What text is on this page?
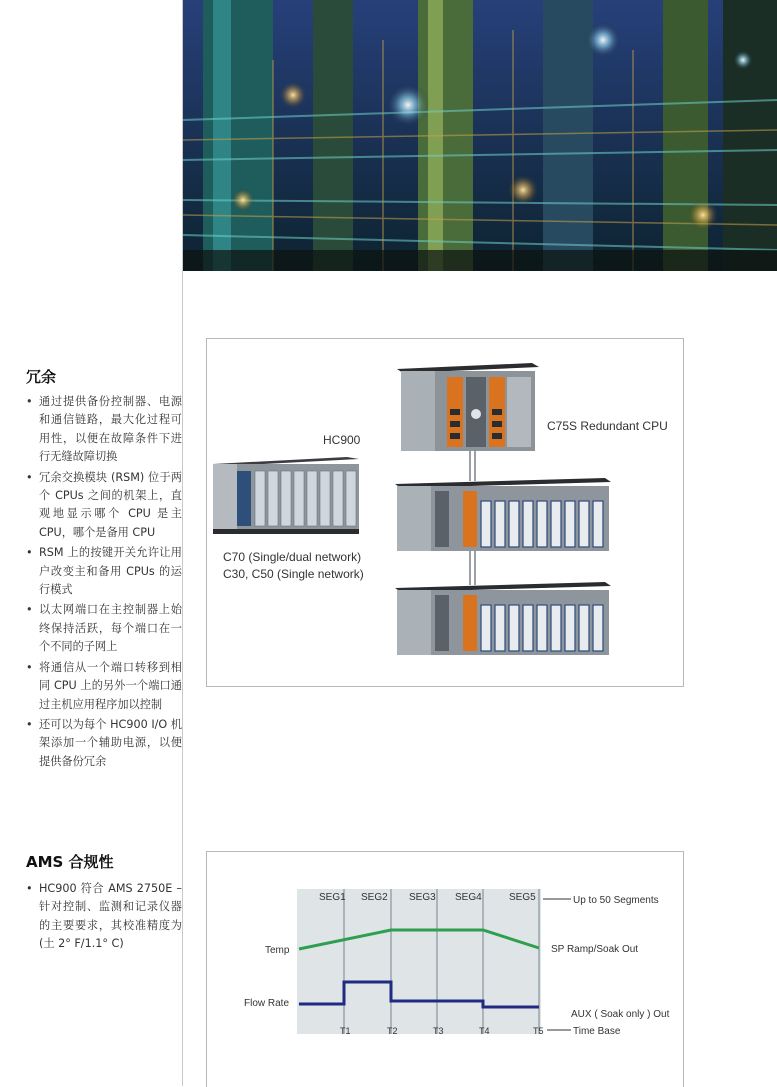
冗余
• 通过提供备份控制器、电源和通信链路，最大化过程可用性，以便在故障条件下进行无缝故障切换
• 冗余交换模块 (RSM) 位于两个 CPUs 之间的机架上，直观地显示哪个 CPU 是主 CPU，哪个是备用 CPU
• RSM 上的按键开关允许让用户改变主和备用 CPUs 的运行模式
• 以太网端口在主控制器上始终保持活跃，每个端口在一个不同的子网上
• 将通信从一个端口转移到相同 CPU 上的另外一个端口通过主机应用程序加以控制
• 还可以为每个 HC900 I/O 机架添加一个辅助电源，以便提供备份冗余
HC900
C70 (Single/dual network)
C30, C50 (Single network)
C75S Redundant CPU
AMS 合规性
• HC900 符合 AMS 2750E – 针对控制、监测和记录仪器的主要要求，其校准精度为 (土 2° F/1.1° C)
SEG1 SEG2 SEG3 SEG4	SEG5
T1	T2	T3	T4	T5
Temp
Flow Rate
Up to 50 Segments
SP Ramp/Soak Out
AUX ( Soak only ) Out
Time Base
